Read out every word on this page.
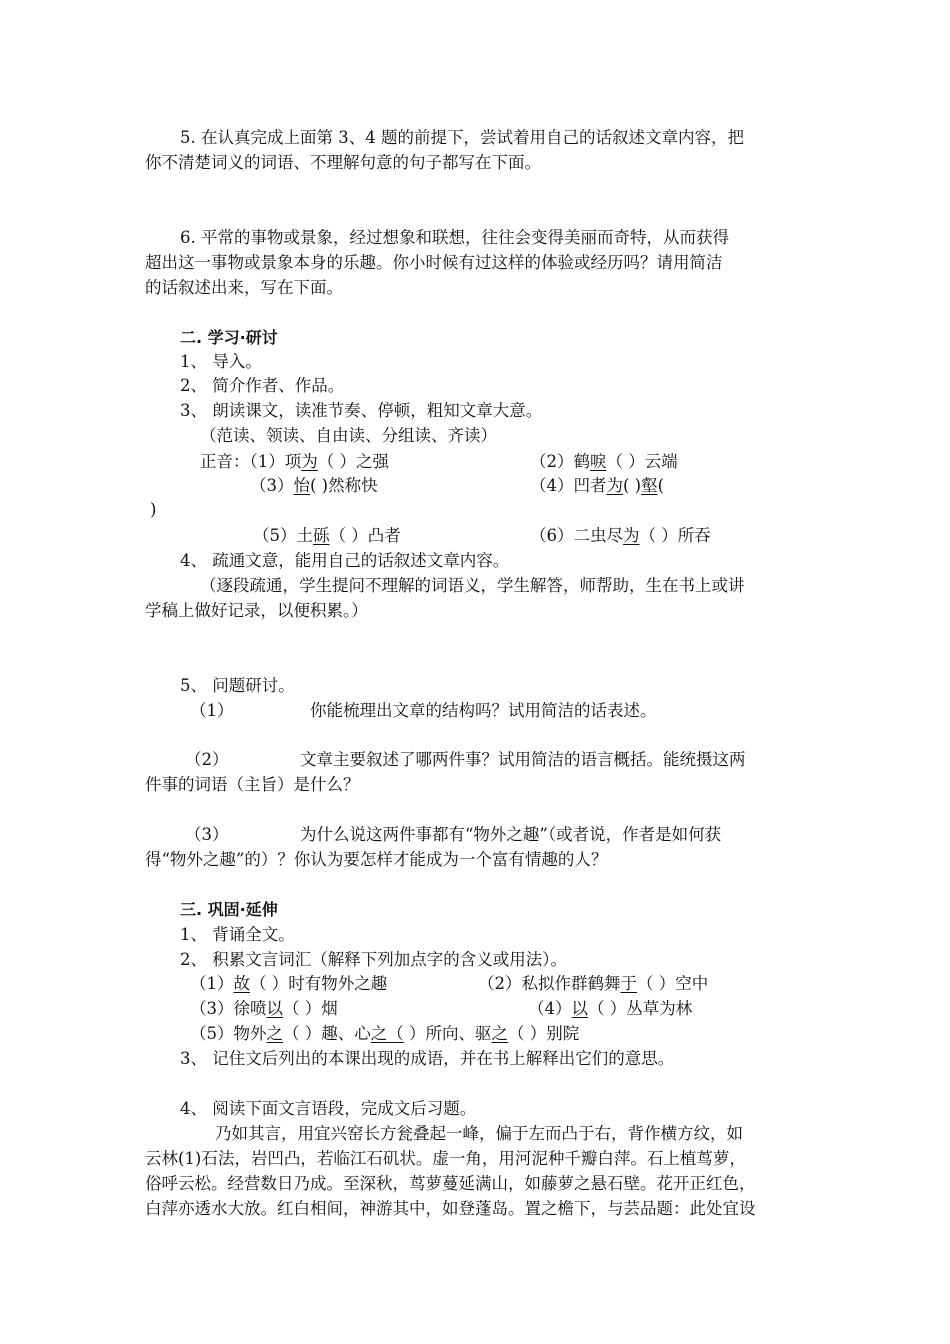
5. 在认真完成上面第 3、4 题的前提下，尝试着用自己的话叙述文章内容，把
你不清楚词义的词语、不理解句意的句子都写在下面。
6. 平常的事物或景象，经过想象和联想，往往会变得美丽而奇特，从而获得
超出这一事物或景象本身的乐趣。你小时候有过这样的体验或经历吗？请用简洁
的话叙述出来，写在下面。
二. 学习·研讨
1、 导入。
2、 简介作者、作品。
3、 朗读课文，读准节奏、停顿，粗知文章大意。
（范读、领读、自由读、分组读、齐读）
正音：（1）项为（ ）之强	（2）鹤唳（ ）云端
（3）怡( )然称快	（4）凹者为( )壑(
)
（5）土砾（ ）凸者	（6）二虫尽为（ ）所吞
4、 疏通文意，能用自己的话叙述文章内容。
（逐段疏通，学生提问不理解的词语义，学生解答，师帮助，生在书上或讲
学稿上做好记录，以便积累。）
5、 问题研讨。
（1）	你能梳理出文章的结构吗？试用简洁的话表述。
（2）	文章主要叙述了哪两件事？试用简洁的语言概括。能统摄这两
件事的词语（主旨）是什么？
（3）	为什么说这两件事都有“物外之趣”（或者说，作者是如何获
得“物外之趣”的）？你认为要怎样才能成为一个富有情趣的人？
三. 巩固·延伸
1、 背诵全文。
2、 积累文言词汇（解释下列加点字的含义或用法）。
（1）故（ ）时有物外之趣	（2）私拟作群鹤舞于（ ）空中
（3）徐喷以（ ）烟	（4）以（ ）丛草为林
（5）物外之（ ）趣、心之（ ）所向、驱之（ ）别院
3、 记住文后列出的本课出现的成语，并在书上解释出它们的意思。
4、 阅读下面文言语段，完成文后习题。
乃如其言，用宜兴窑长方瓮叠起一峰，偏于左而凸于右，背作横方纹，如
云林(1)石法，岩凹凸，若临江石矶状。虚一角，用河泥种千瓣白萍。石上植茑萝，
俗呼云松。经营数日乃成。至深秋，茑萝蔓延满山，如藤萝之悬石壁。花开正红色，
白萍亦透水大放。红白相间，神游其中，如登蓬岛。置之檐下，与芸品题：此处宜设
